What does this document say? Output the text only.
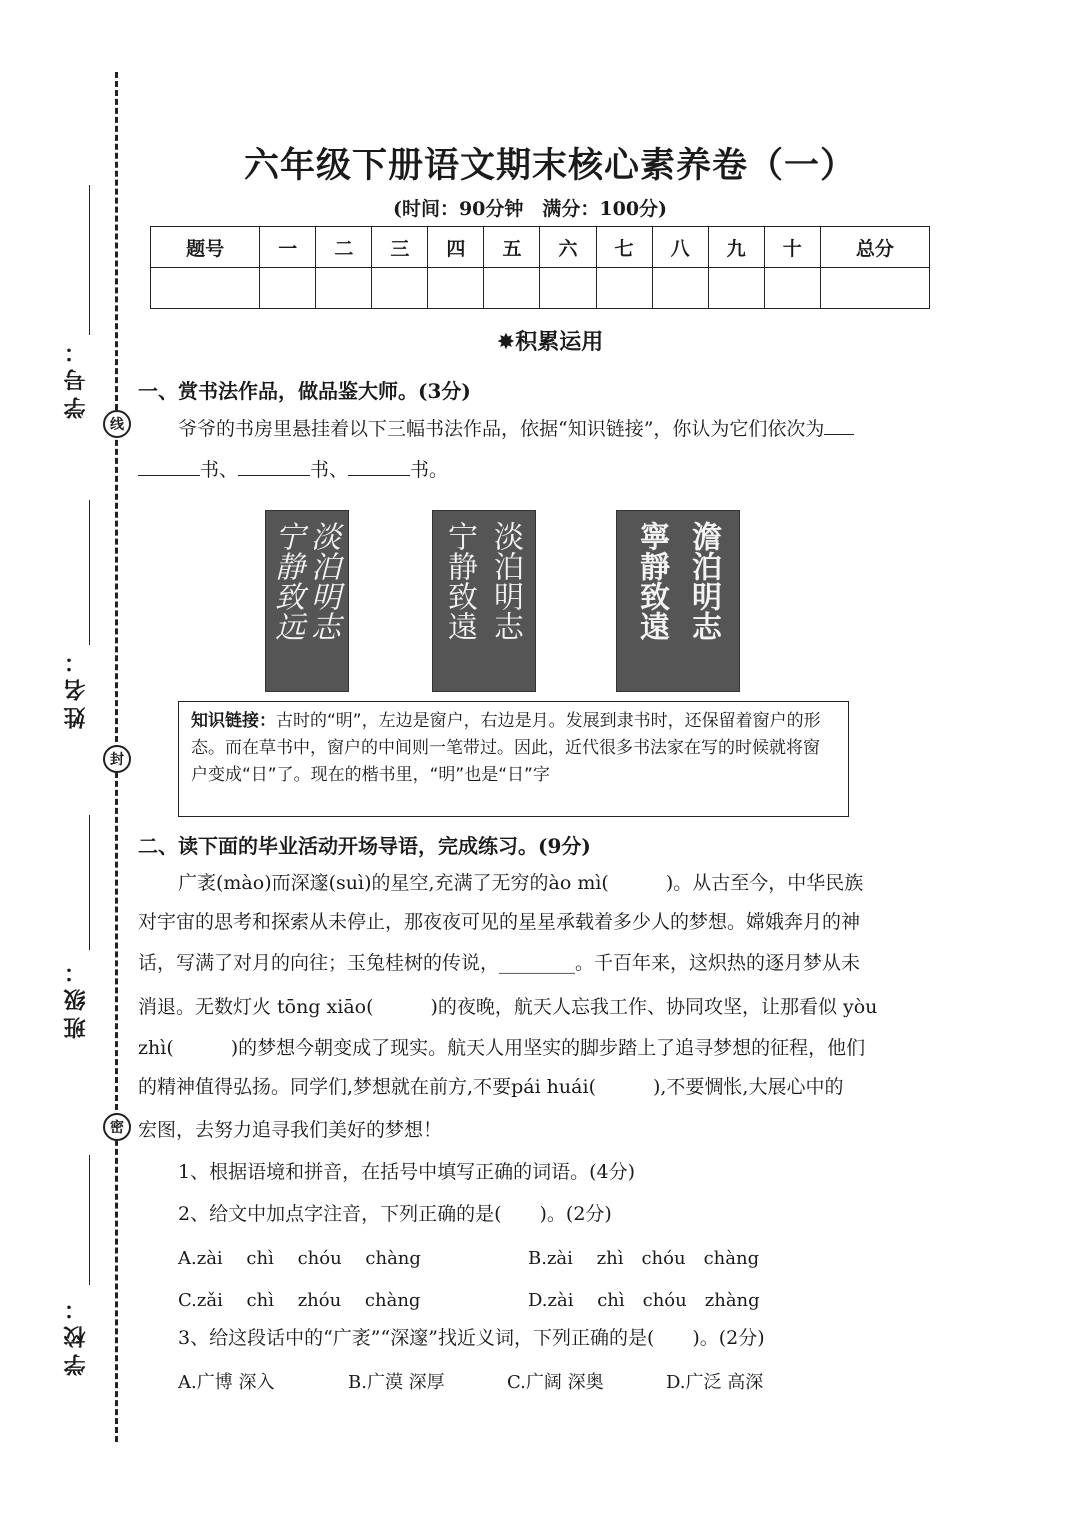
学号：
线
姓名：
封
班级：
密
学校：
六年级下册语文期末核心素养卷（一）
(时间：90分钟　满分：100分)
题号	一	二	三	四	五	六	七	八	九	十	总分

✸积累运用
一、赏书法作品，做品鉴大师。(3分)
爷爷的书房里悬挂着以下三幅书法作品，依据“知识链接”，你认为它们依次为
书、	书、	书。
宁静致远 淡泊明志	宁静致遠 淡泊明志	寧靜致遠 澹泊明志
知识链接：古时的“明”，左边是窗户，右边是月。发展到隶书时，还保留着窗户的形态。而在草书中，窗户的中间则一笔带过。因此，近代很多书法家在写的时候就将窗户变成“日”了。现在的楷书里，“明”也是“日”字
二、读下面的毕业活动开场导语，完成练习。(9分)
广袤(mào)而深邃(suì)的星空,充满了无穷的ào mì(　　　)。从古至今，中华民族
对宇宙的思考和探索从未停止，那夜夜可见的星星承载着多少人的梦想。嫦娥奔月的神
话，写满了对月的向往；玉兔桂树的传说，________。千百年来，这炽热的逐月梦从未
消退。无数灯火 tōng xiāo(　　　)的夜晚，航天人忘我工作、协同攻坚，让那看似 yòu
zhì(　　　)的梦想今朝变成了现实。航天人用坚实的脚步踏上了追寻梦想的征程，他们
的精神值得弘扬。同学们,梦想就在前方,不要pái huái(　　　),不要惆怅,大展心中的
宏图，去努力追寻我们美好的梦想！
1、根据语境和拼音，在括号中填写正确的词语。(4分)
2、给文中加点字注音，下列正确的是(　　)。(2分)
A.zài　 chì　 chóu　 chàng	B.zài　 zhì　chóu　chàng
C.zǎi　 chì　 zhóu　 chàng	D.zài　 chì　chóu　zhàng
3、给这段话中的“广袤”“深邃”找近义词，下列正确的是(　　)。(2分)
A.广博 深入	B.广漠 深厚	C.广阔 深奥	D.广泛 高深
